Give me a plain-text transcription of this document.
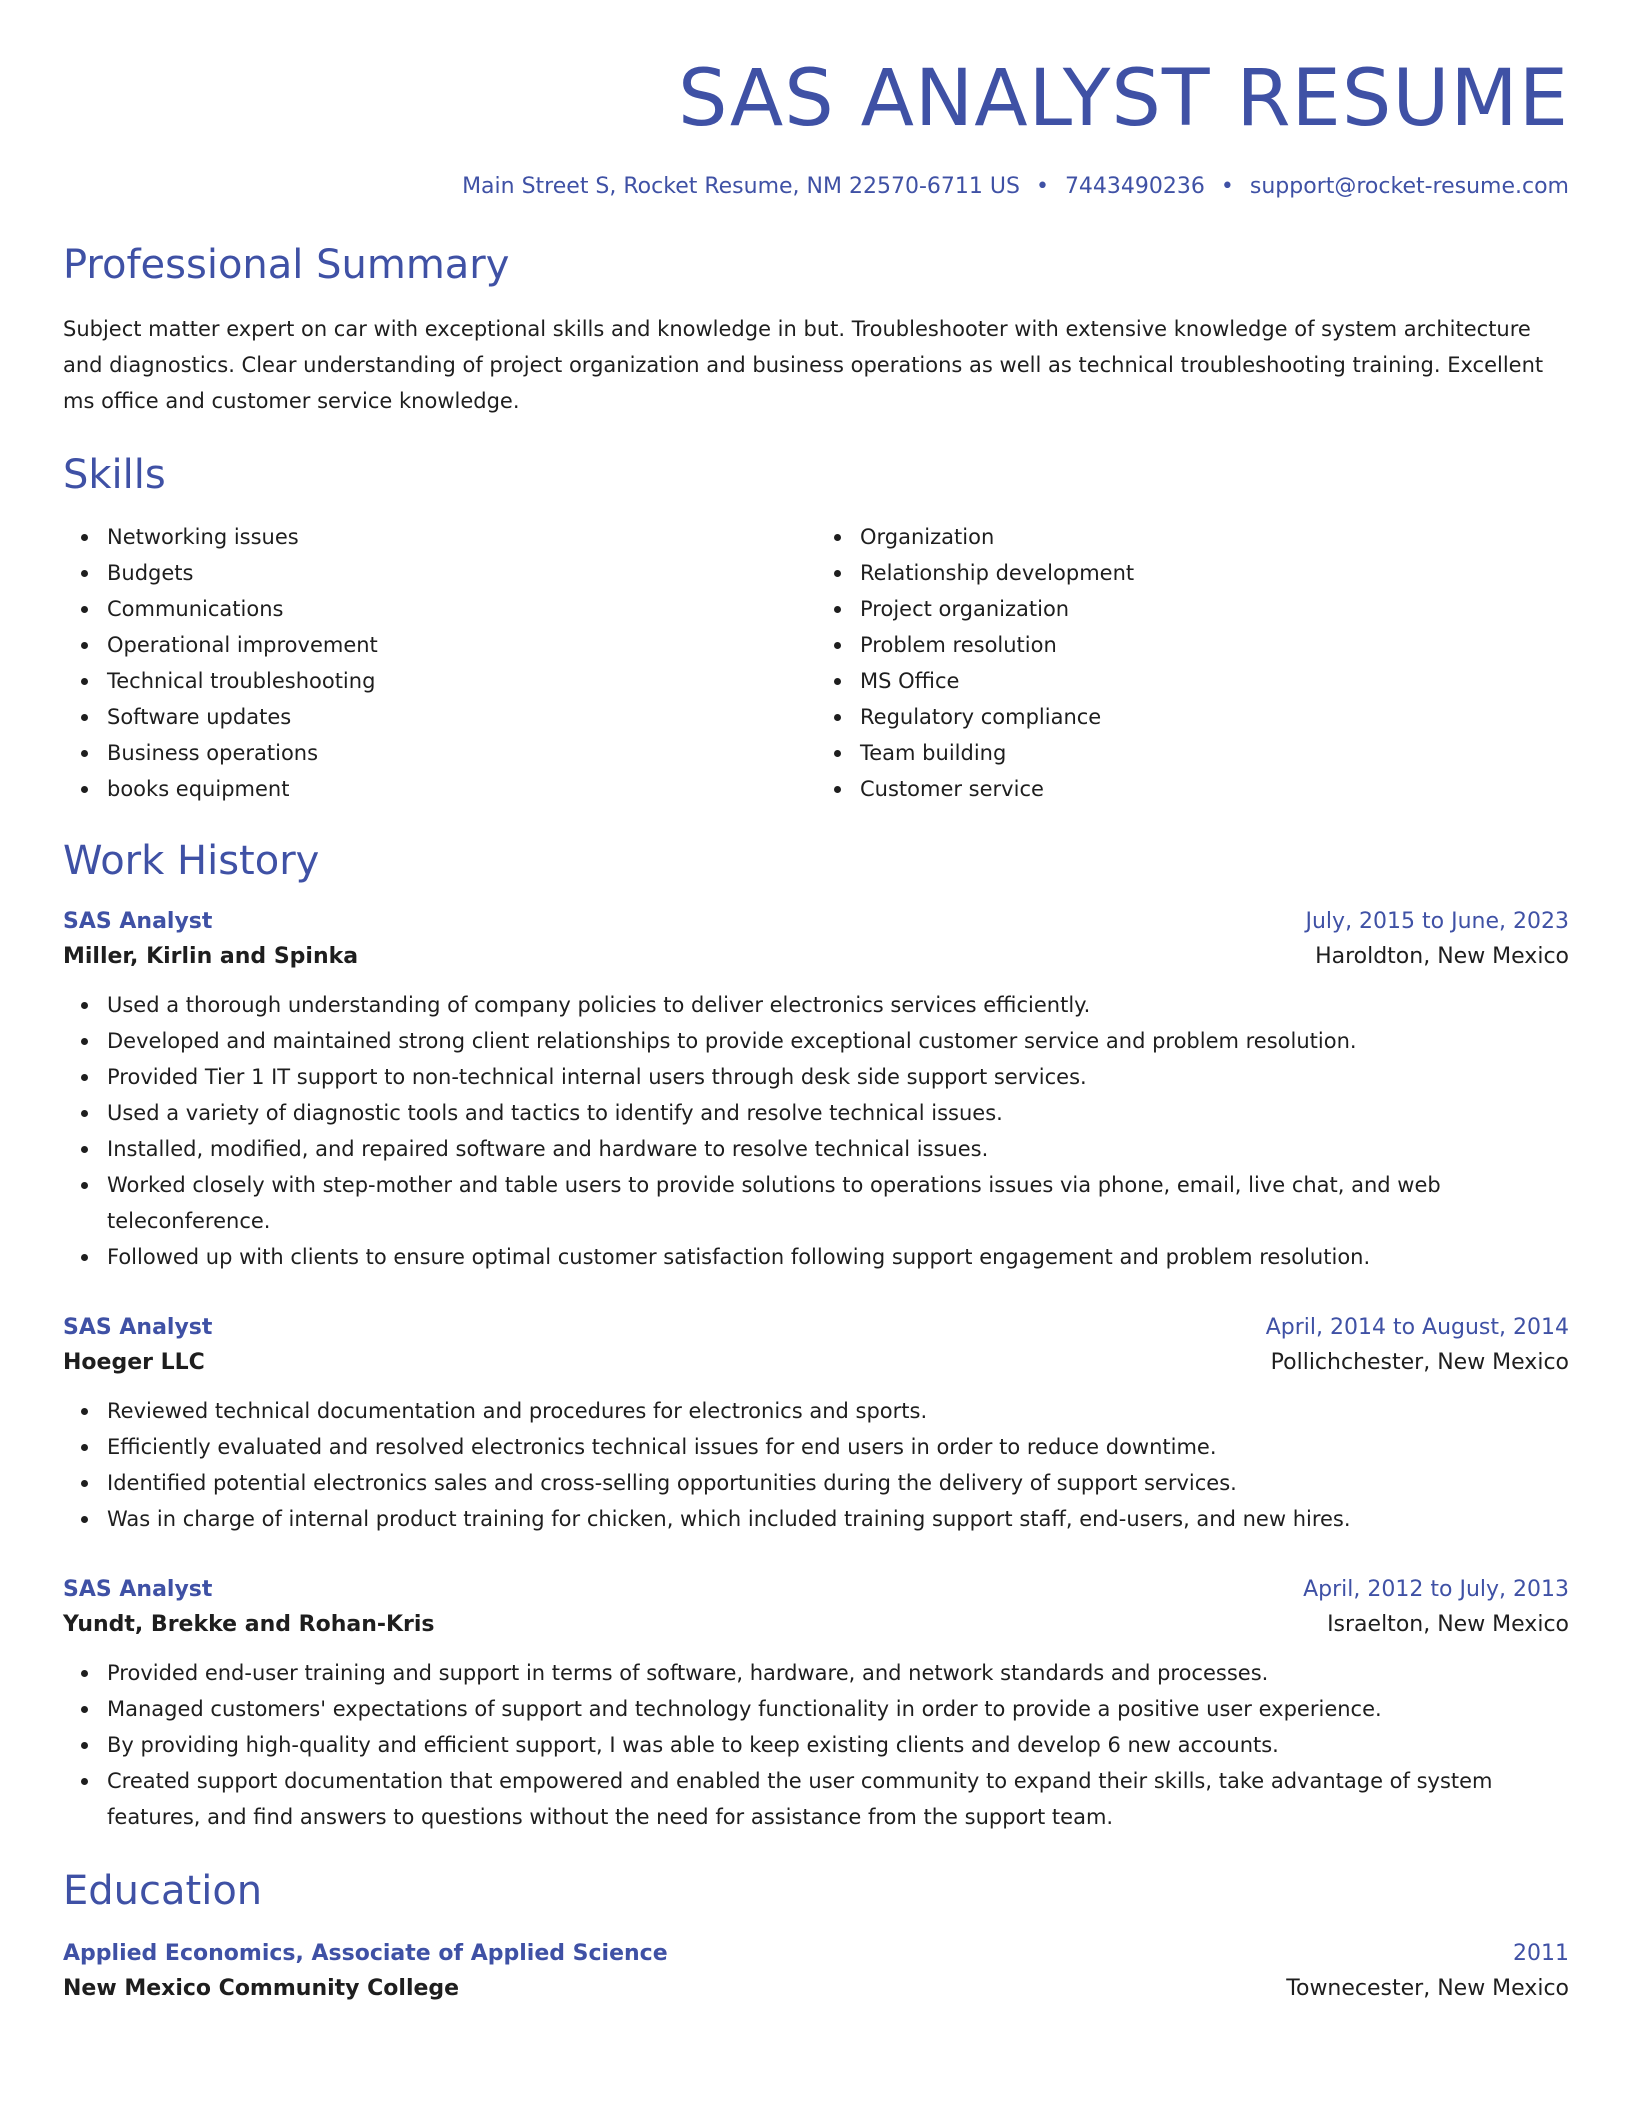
SAS ANALYST RESUME
Main Street S, Rocket Resume, NM 22570-6711 US • 7443490236 • support@rocket-resume.com
Professional Summary
Subject matter expert on car with exceptional skills and knowledge in but. Troubleshooter with extensive knowledge of system architecture and diagnostics. Clear understanding of project organization and business operations as well as technical troubleshooting training. Excellent ms office and customer service knowledge.
Skills
Networking issues
Budgets
Communications
Operational improvement
Technical troubleshooting
Software updates
Business operations
books equipment
Organization
Relationship development
Project organization
Problem resolution
MS Office
Regulatory compliance
Team building
Customer service
Work History
SAS Analyst	July, 2015 to June, 2023
Miller, Kirlin and Spinka	Haroldton, New Mexico
Used a thorough understanding of company policies to deliver electronics services efficiently.
Developed and maintained strong client relationships to provide exceptional customer service and problem resolution.
Provided Tier 1 IT support to non-technical internal users through desk side support services.
Used a variety of diagnostic tools and tactics to identify and resolve technical issues.
Installed, modified, and repaired software and hardware to resolve technical issues.
Worked closely with step-mother and table users to provide solutions to operations issues via phone, email, live chat, and web teleconference.
Followed up with clients to ensure optimal customer satisfaction following support engagement and problem resolution.
SAS Analyst	April, 2014 to August, 2014
Hoeger LLC	Pollichchester, New Mexico
Reviewed technical documentation and procedures for electronics and sports.
Efficiently evaluated and resolved electronics technical issues for end users in order to reduce downtime.
Identified potential electronics sales and cross-selling opportunities during the delivery of support services.
Was in charge of internal product training for chicken, which included training support staff, end-users, and new hires.
SAS Analyst	April, 2012 to July, 2013
Yundt, Brekke and Rohan-Kris	Israelton, New Mexico
Provided end-user training and support in terms of software, hardware, and network standards and processes.
Managed customers' expectations of support and technology functionality in order to provide a positive user experience.
By providing high-quality and efficient support, I was able to keep existing clients and develop 6 new accounts.
Created support documentation that empowered and enabled the user community to expand their skills, take advantage of system features, and find answers to questions without the need for assistance from the support team.
Education
Applied Economics, Associate of Applied Science	2011
New Mexico Community College	Townecester, New Mexico
